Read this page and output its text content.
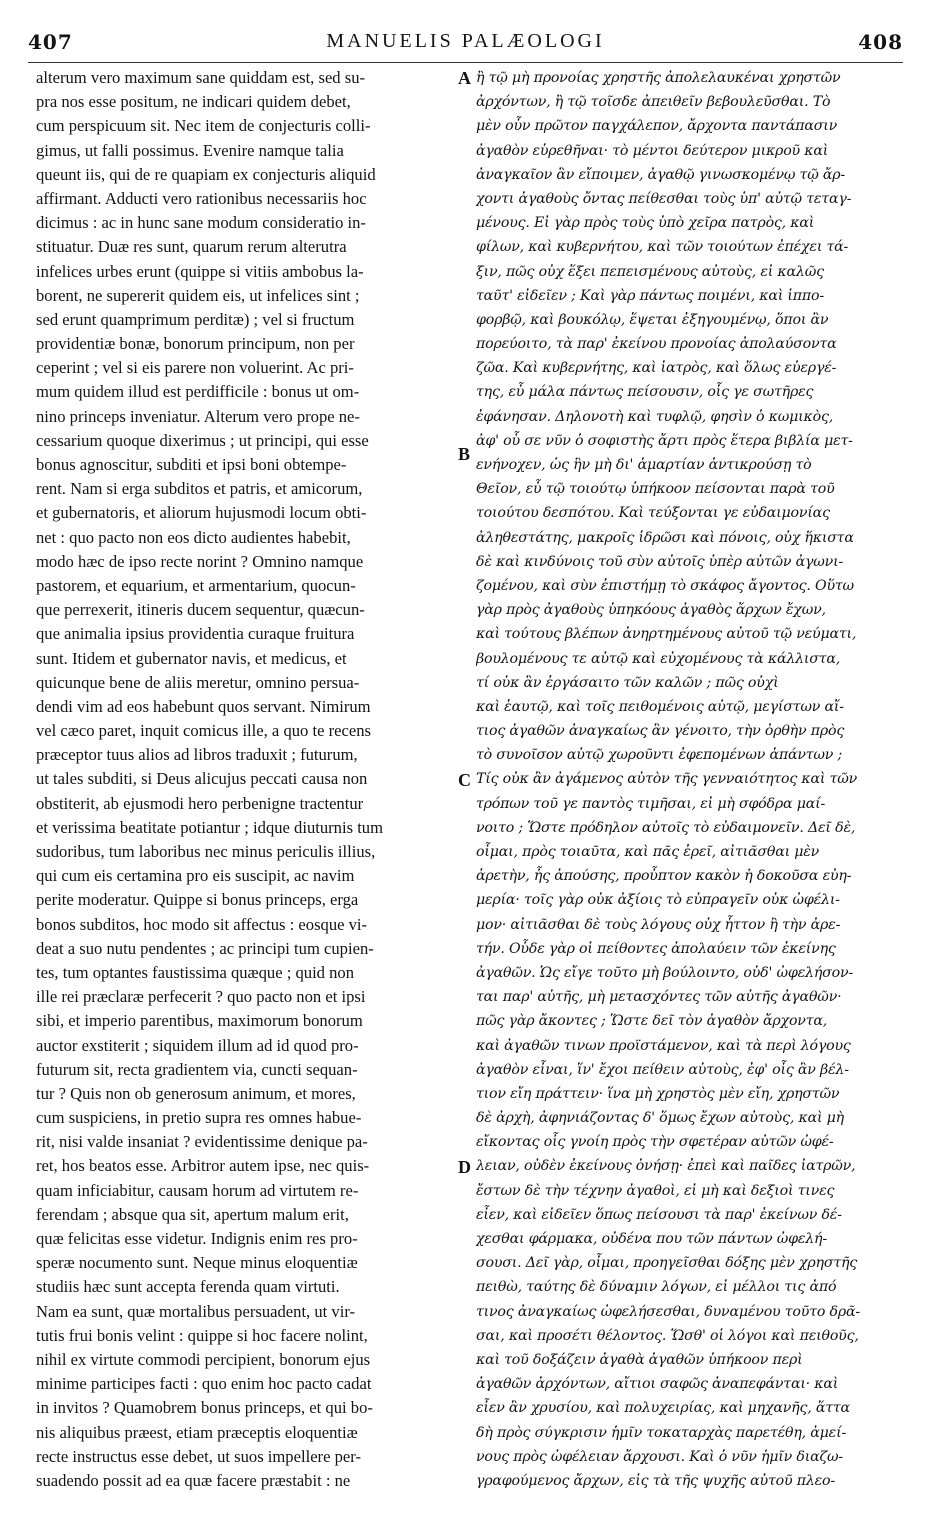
407	MANUELIS PALÆOLOGI	408
alterum vero maximum sane quiddam est, sed su-
pra nos esse positum, ne indicari quidem debet,
cum perspicuum sit. Nec item de conjecturis colli-
gimus, ut falli possimus. Evenire namque talia
queunt iis, qui de re quapiam ex conjecturis aliquid
affirmant. Adducti vero rationibus necessariis hoc
dicimus : ac in hunc sane modum consideratio in-
stituatur. Duæ res sunt, quarum rerum alterutra
infelices urbes erunt (quippe si vitiis ambobus la-
borent, ne supererit quidem eis, ut infelices sint ;
sed erunt quamprimum perditæ) ; vel si fructum
providentiæ bonæ, bonorum principum, non per
ceperint ; vel si eis parere non voluerint. Ac pri-
mum quidem illud est perdifficile : bonus ut om-
nino princeps inveniatur. Alterum vero prope ne-
cessarium quoque dixerimus ; ut principi, qui esse
bonus agnoscitur, subditi et ipsi boni obtempe-
rent. Nam si erga subditos et patris, et amicorum,
et gubernatoris, et aliorum hujusmodi locum obti-
net : quo pacto non eos dicto audientes habebit,
modo hæc de ipso recte norint ? Omnino namque
pastorem, et equarium, et armentarium, quocun-
que perrexerit, itineris ducem sequentur, quæcun-
que animalia ipsius providentia curaque fruitura
sunt. Itidem et gubernator navis, et medicus, et
quicunque bene de aliis meretur, omnino persua-
dendi vim ad eos habebunt quos servant. Nimirum
vel cæco paret, inquit comicus ille, a quo te recens
præceptor tuus alios ad libros traduxit ; futurum,
ut tales subditi, si Deus alicujus peccati causa non
obstiterit, ab ejusmodi hero perbenigne tractentur
et verissima beatitate potiantur ; idque diuturnis tum
sudoribus, tum laboribus nec minus periculis illius,
qui cum eis certamina pro eis suscipit, ac navim
perite moderatur. Quippe si bonus princeps, erga
bonos subditos, hoc modo sit affectus : eosque vi-
deat a suo nutu pendentes ; ac principi tum cupien-
tes, tum optantes faustissima quæque ; quid non
ille rei præclaræ perfecerit ? quo pacto non et ipsi
sibi, et imperio parentibus, maximorum bonorum
auctor exstiterit ; siquidem illum ad id quod pro-
futurum sit, recta gradientem via, cuncti sequan-
tur ? Quis non ob generosum animum, et mores,
cum suspiciens, in pretio supra res omnes habue-
rit, nisi valde insaniat ? evidentissime denique pa-
ret, hos beatos esse. Arbitror autem ipse, nec quis-
quam inficiabitur, causam horum ad virtutem re-
ferendam ; absque qua sit, apertum malum erit,
quæ felicitas esse videtur. Indignis enim res pro-
speræ nocumento sunt. Neque minus eloquentiæ
studiis hæc sunt accepta ferenda quam virtuti.
Nam ea sunt, quæ mortalibus persuadent, ut vir-
tutis frui bonis velint : quippe si hoc facere nolint,
nihil ex virtute commodi percipient, bonorum ejus
minime participes facti : quo enim hoc pacto cadat
in invitos ? Quamobrem bonus princeps, et qui bo-
nis aliquibus præest, etiam præceptis eloquentiæ
recte instructus esse debet, ut suos impellere per-
suadendo possit ad ea quæ facere præstabit : ne
ἢ τῷ μὴ προνοίας χρηστῆς ἀπολελαυκέναι χρηστῶν
ἀρχόντων, ἢ τῷ τοῖσδε ἀπειθεῖν βεβουλεῦσθαι. Τὸ
μὲν οὖν πρῶτον παγχάλεπον, ἄρχοντα παντάπασιν
ἀγαθὸν εὑρεθῆναι· τὸ μέντοι δεύτερον μικροῦ καὶ
ἀναγκαῖον ἂν εἴποιμεν, ἀγαθῷ γινωσκομένῳ τῷ ἄρ-
χοντι ἀγαθοὺς ὄντας πείθεσθαι τοὺς ὑπ' αὐτῷ τεταγ-
μένους. Εἰ γὰρ πρὸς τοὺς ὑπὸ χεῖρα πατρὸς, καὶ
φίλων, καὶ κυβερνήτου, καὶ τῶν τοιούτων ἐπέχει τά-
ξιν, πῶς οὐχ ἕξει πεπεισμένους αὐτοὺς, εἰ καλῶς
ταῦτ' εἰδεῖεν ; Καὶ γὰρ πάντως ποιμένι, καὶ ἱππο-
φορβῷ, καὶ βουκόλῳ, ἕψεται ἐξηγουμένῳ, ὅποι ἂν
πορεύοιτο, τὰ παρ' ἐκείνου προνοίας ἀπολαύσοντα
ζῶα. Καὶ κυβερνήτης, καὶ ἰατρὸς, καὶ ὅλως εὐεργέ-
της, εὖ μάλα πάντως πείσουσιν, οἷς γε σωτῆρες
ἐφάνησαν. Δηλονοτὴ καὶ τυφλῷ, φησὶν ὁ κωμικὸς,
ἀφ' οὗ σε νῦν ὁ σοφιστὴς ἄρτι πρὸς ἕτερα βιβλία μετ-
ενήνοχεν, ὡς ἣν μὴ δι' ἁμαρτίαν ἀντικρούσῃ τὸ
Θεῖον, εὖ τῷ τοιούτῳ ὑπήκοον πείσονται παρὰ τοῦ
τοιούτου δεσπότου. Καὶ τεύξονται γε εὐδαιμονίας
ἀληθεστάτης, μακροῖς ἱδρῶσι καὶ πόνοις, οὐχ ἥκιστα
δὲ καὶ κινδύνοις τοῦ σὺν αὐτοῖς ὑπὲρ αὐτῶν ἀγωνι-
ζομένου, καὶ σὺν ἐπιστήμῃ τὸ σκάφος ἄγοντος. Οὕτω
γὰρ πρὸς ἀγαθοὺς ὑπηκόους ἀγαθὸς ἄρχων ἔχων,
καὶ τούτους βλέπων ἀνηρτημένους αὐτοῦ τῷ νεύματι,
βουλομένους τε αὐτῷ καὶ εὐχομένους τὰ κάλλιστα,
τί οὐκ ἂν ἐργάσαιτο τῶν καλῶν ; πῶς οὐχὶ
καὶ ἑαυτῷ, καὶ τοῖς πειθομένοις αὐτῷ, μεγίστων αἴ-
τιος ἀγαθῶν ἀναγκαίως ἂν γένοιτο, τὴν ὀρθὴν πρὸς
τὸ συνοῖσον αὐτῷ χωροῦντι ἐφεπομένων ἁπάντων ;
Τίς οὐκ ἂν ἀγάμενος αὐτὸν τῆς γενναιότητος καὶ τῶν
τρόπων τοῦ γε παντὸς τιμῆσαι, εἰ μὴ σφόδρα μαί-
νοιτο ; Ὥστε πρόδηλον αὐτοῖς τὸ εὐδαιμονεῖν. Δεῖ δὲ,
οἶμαι, πρὸς τοιαῦτα, καὶ πᾶς ἐρεῖ, αἰτιᾶσθαι μὲν
ἀρετὴν, ἧς ἀπούσης, προὖπτον κακὸν ἡ δοκοῦσα εὐη-
μερία· τοῖς γὰρ οὐκ ἀξίοις τὸ εὐπραγεῖν οὐκ ὠφέλι-
μον· αἰτιᾶσθαι δὲ τοὺς λόγους οὐχ ἧττον ἢ τὴν ἀρε-
τήν. Οὗδε γὰρ οἱ πείθοντες ἀπολαύειν τῶν ἐκείνης
ἀγαθῶν. Ὡς εἴγε τοῦτο μὴ βούλοιντο, οὐδ' ὠφελήσον-
ται παρ' αὐτῆς, μὴ μετασχόντες τῶν αὐτῆς ἀγαθῶν·
πῶς γὰρ ἄκοντες ; Ὥστε δεῖ τὸν ἀγαθὸν ἄρχοντα,
καὶ ἀγαθῶν τινων προϊστάμενον, καὶ τὰ περὶ λόγους
ἀγαθὸν εἶναι, ἵν' ἔχοι πείθειν αὐτοὺς, ἐφ' οἷς ἂν βέλ-
τιον εἴη πράττειν· ἵνα μὴ χρηστὸς μὲν εἴη, χρηστῶν
δὲ ἀρχὴ, ἀφηνιάζοντας δ' ὅμως ἔχων αὐτοὺς, καὶ μὴ
εἴκοντας οἷς γνοίη πρὸς τὴν σφετέραν αὐτῶν ὠφέ-
λειαν, οὐδὲν ἐκείνους ὀνήσῃ· ἐπεὶ καὶ παῖδες ἰατρῶν,
ἔστων δὲ τὴν τέχνην ἀγαθοὶ, εἰ μὴ καὶ δεξιοὶ τινες
εἶεν, καὶ εἰδεῖεν ὅπως πείσουσι τὰ παρ' ἐκείνων δέ-
χεσθαι φάρμακα, οὐδένα που τῶν πάντων ὠφελή-
σουσι. Δεῖ γὰρ, οἶμαι, προηγεῖσθαι δόξης μὲν χρηστῆς
πειθὼ, ταύτης δὲ δύναμιν λόγων, εἰ μέλλοι τις ἀπό
τινος ἀναγκαίως ὠφελήσεσθαι, δυναμένου τοῦτο δρᾶ-
σαι, καὶ προσέτι θέλοντος. Ὥσθ' οἱ λόγοι καὶ πειθοῦς,
καὶ τοῦ δοξάζειν ἀγαθὰ ἀγαθῶν ὑπήκοον περὶ
ἀγαθῶν ἀρχόντων, αἴτιοι σαφῶς ἀναπεφάνται· καὶ
εἶεν ἂν χρυσίου, καὶ πολυχειρίας, καὶ μηχανῆς, ἅττα
δὴ πρὸς σύγκρισιν ἡμῖν τοκαταρχὰς παρετέθη, ἀμεί-
νους πρὸς ὠφέλειαν ἄρχουσι. Καὶ ὁ νῦν ἡμῖν διαζω-
γραφούμενος ἄρχων, εἰς τὰ τῆς ψυχῆς αὐτοῦ πλεο-
A
B
C
D
